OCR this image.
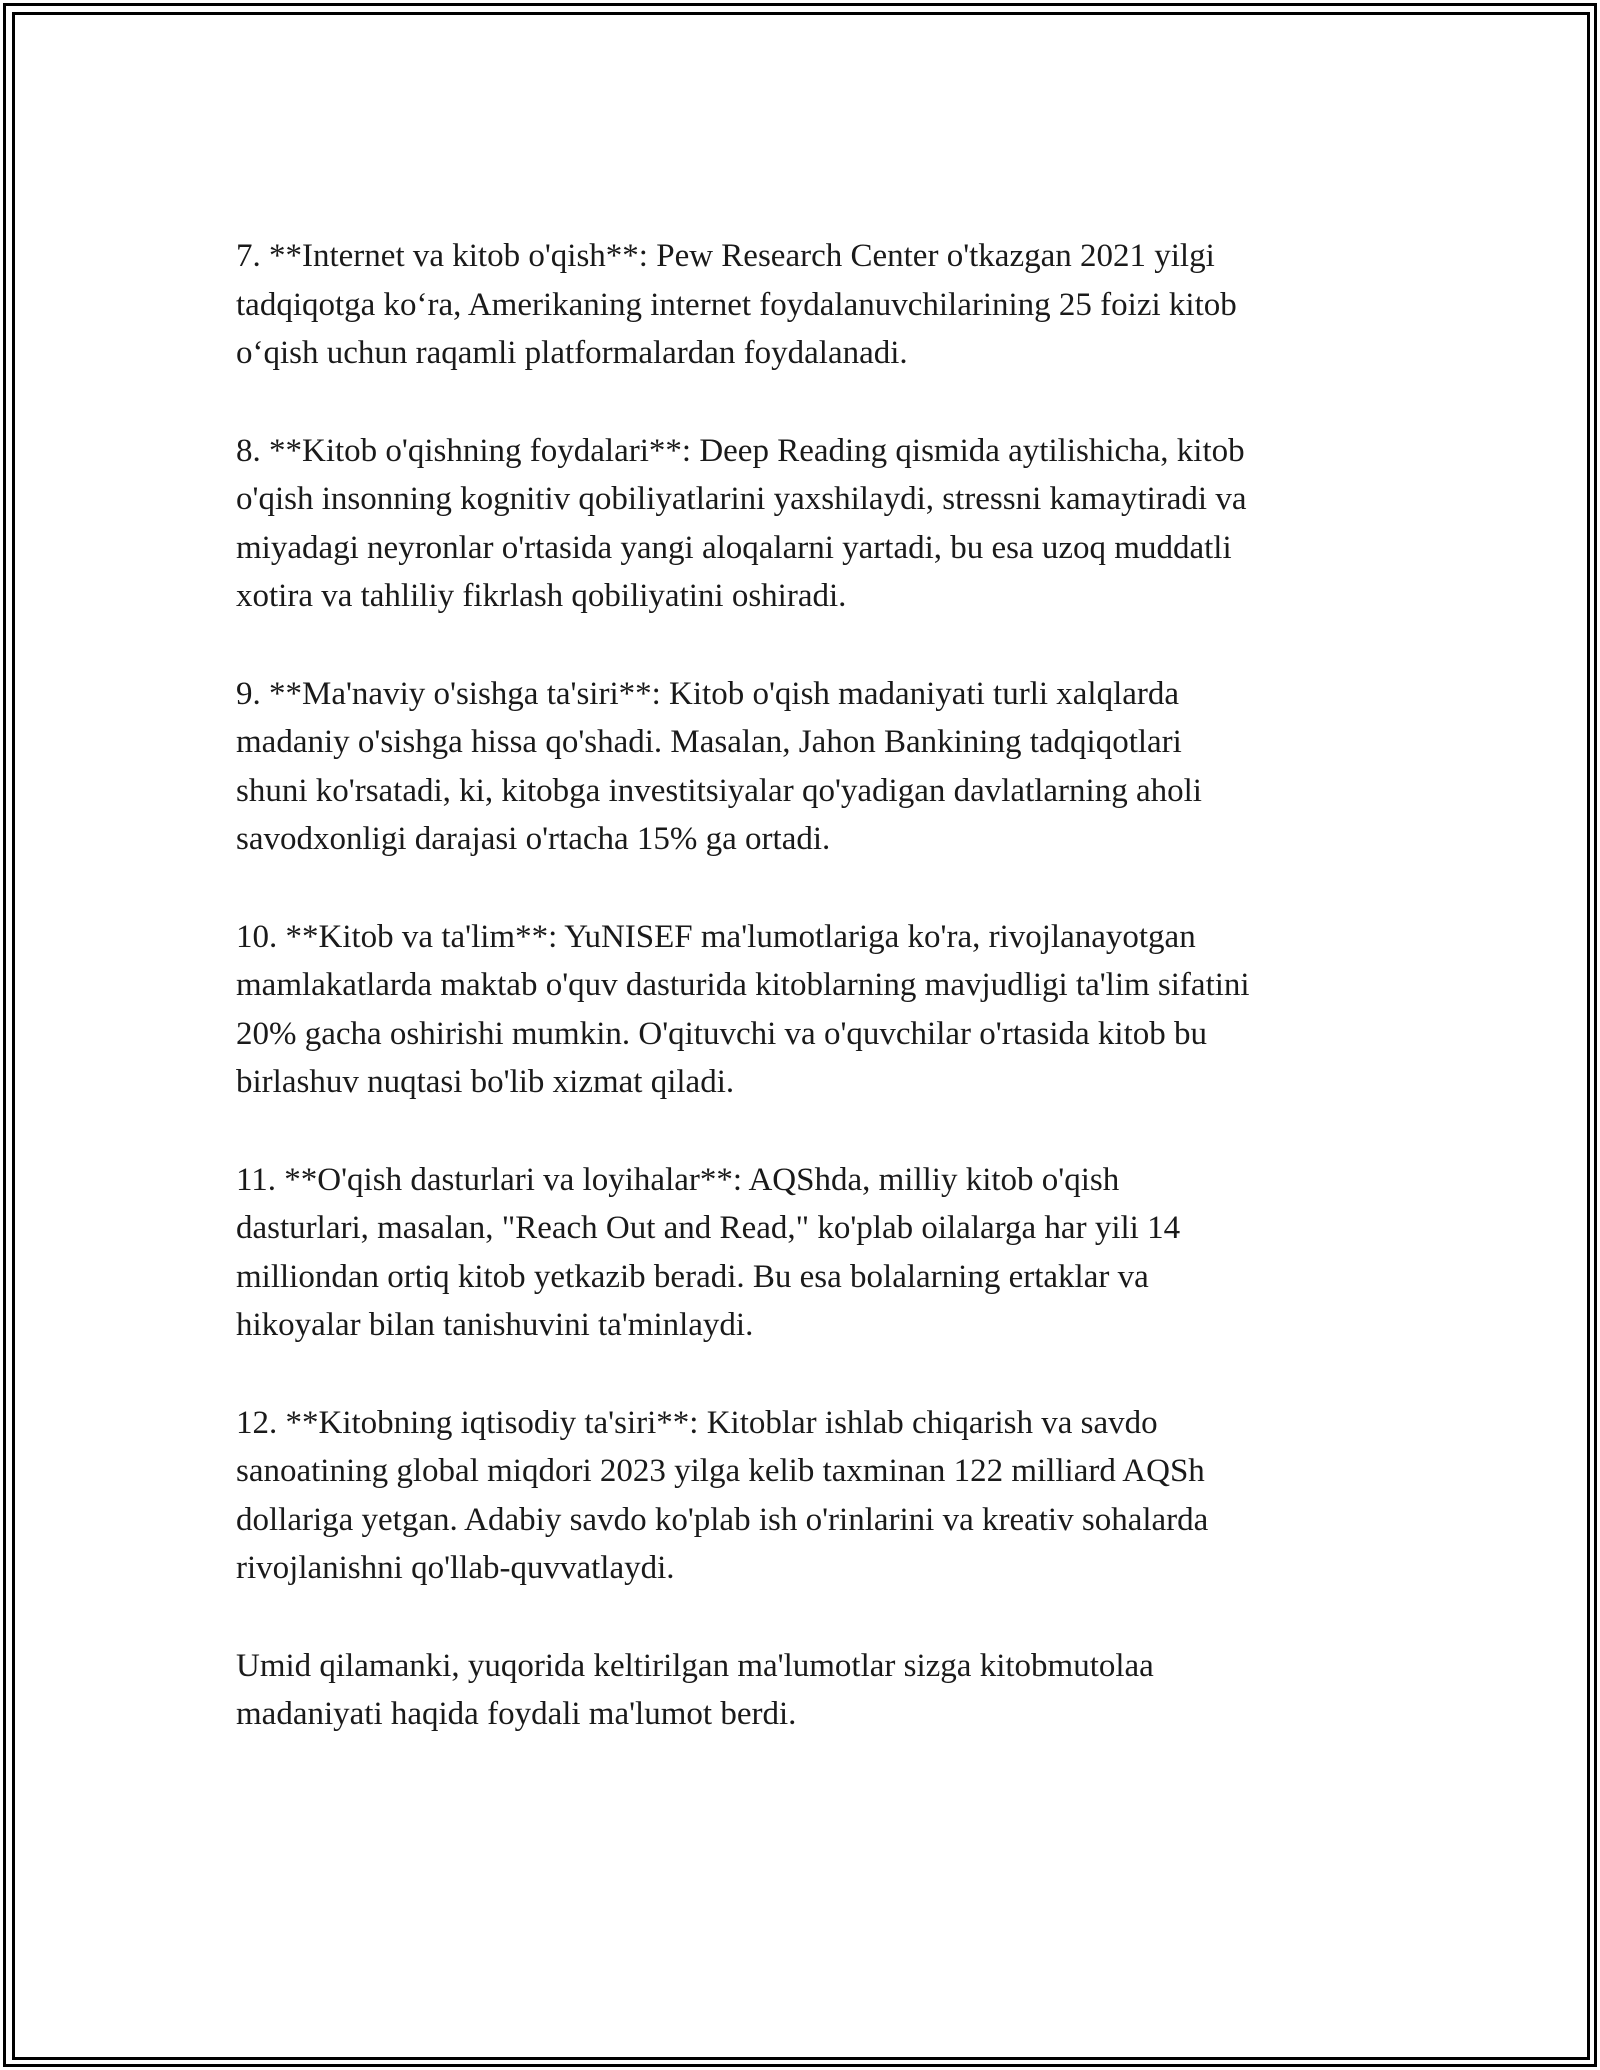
7. **Internet va kitob o'qish**: Pew Research Center o'tkazgan 2021 yilgi
tadqiqotga ko‘ra, Amerikaning internet foydalanuvchilarining 25 foizi kitob
o‘qish uchun raqamli platformalardan foydalanadi.

8. **Kitob o'qishning foydalari**: Deep Reading qismida aytilishicha, kitob
o'qish insonning kognitiv qobiliyatlarini yaxshilaydi, stressni kamaytiradi va
miyadagi neyronlar o'rtasida yangi aloqalarni yartadi, bu esa uzoq muddatli
xotira va tahliliy fikrlash qobiliyatini oshiradi.

9. **Ma'naviy o'sishga ta'siri**: Kitob o'qish madaniyati turli xalqlarda
madaniy o'sishga hissa qo'shadi. Masalan, Jahon Bankining tadqiqotlari
shuni ko'rsatadi, ki, kitobga investitsiyalar qo'yadigan davlatlarning aholi
savodxonligi darajasi o'rtacha 15% ga ortadi.

10. **Kitob va ta'lim**: YuNISEF ma'lumotlariga ko'ra, rivojlanayotgan
mamlakatlarda maktab o'quv dasturida kitoblarning mavjudligi ta'lim sifatini
20% gacha oshirishi mumkin. O'qituvchi va o'quvchilar o'rtasida kitob bu
birlashuv nuqtasi bo'lib xizmat qiladi.

11. **O'qish dasturlari va loyihalar**: AQShda, milliy kitob o'qish
dasturlari, masalan, "Reach Out and Read," ko'plab oilalarga har yili 14
milliondan ortiq kitob yetkazib beradi. Bu esa bolalarning ertaklar va
hikoyalar bilan tanishuvini ta'minlaydi.

12. **Kitobning iqtisodiy ta'siri**: Kitoblar ishlab chiqarish va savdo
sanoatining global miqdori 2023 yilga kelib taxminan 122 milliard AQSh
dollariga yetgan. Adabiy savdo ko'plab ish o'rinlarini va kreativ sohalarda
rivojlanishni qo'llab-quvvatlaydi.

Umid qilamanki, yuqorida keltirilgan ma'lumotlar sizga kitobmutolaa
madaniyati haqida foydali ma'lumot berdi.
